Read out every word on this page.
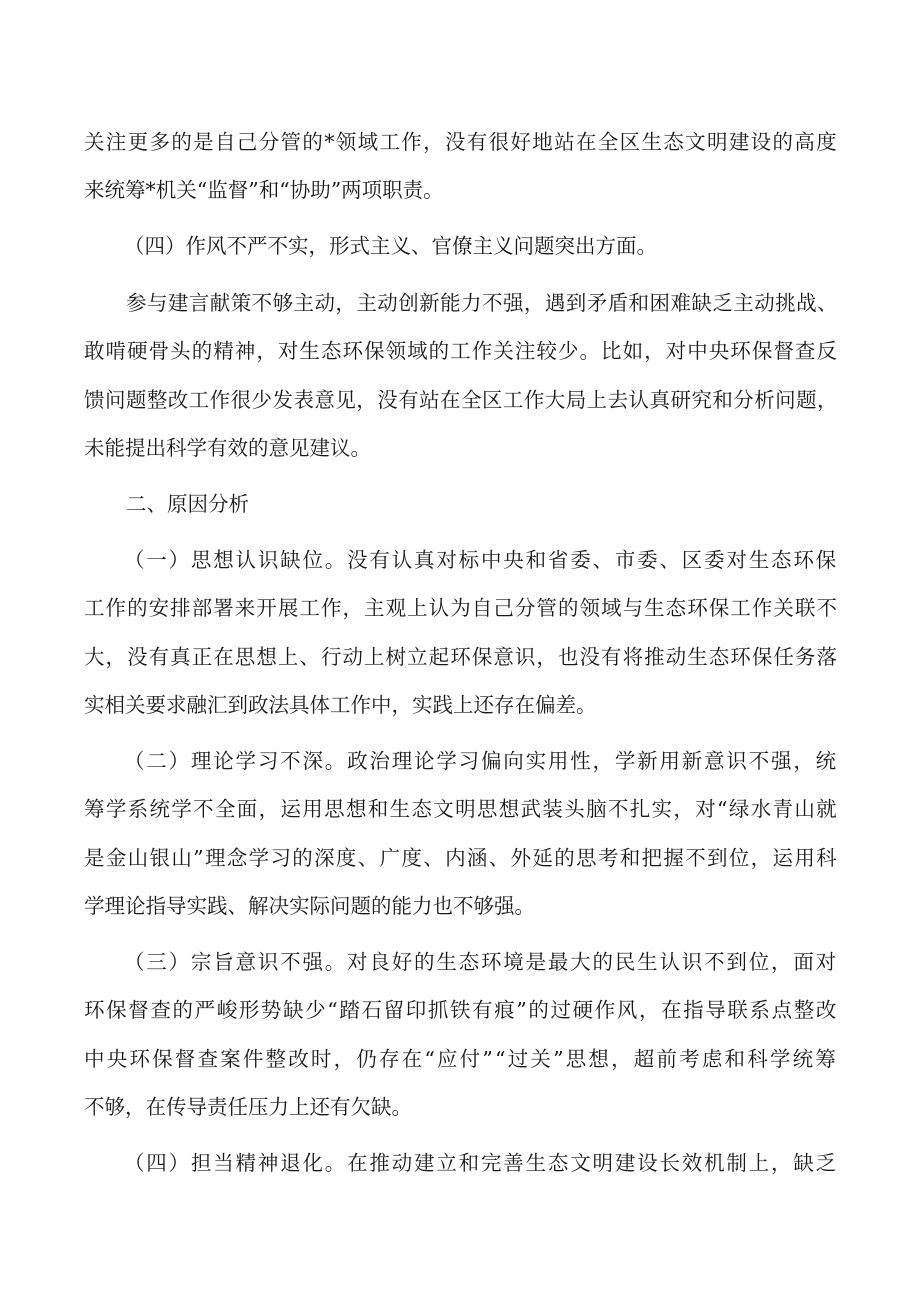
关注更多的是自己分管的*领域工作，没有很好地站在全区生态文明建设的高度
来统筹*机关“监督”和“协助”两项职责。
（四）作风不严不实，形式主义、官僚主义问题突出方面。
参与建言献策不够主动，主动创新能力不强，遇到矛盾和困难缺乏主动挑战、
敢啃硬骨头的精神，对生态环保领域的工作关注较少。比如，对中央环保督查反
馈问题整改工作很少发表意见，没有站在全区工作大局上去认真研究和分析问题，
未能提出科学有效的意见建议。
二、原因分析
（一）思想认识缺位。没有认真对标中央和省委、市委、区委对生态环保
工作的安排部署来开展工作，主观上认为自己分管的领域与生态环保工作关联不
大，没有真正在思想上、行动上树立起环保意识，也没有将推动生态环保任务落
实相关要求融汇到政法具体工作中，实践上还存在偏差。
（二）理论学习不深。政治理论学习偏向实用性，学新用新意识不强，统
筹学系统学不全面，运用思想和生态文明思想武装头脑不扎实，对“绿水青山就
是金山银山”理念学习的深度、广度、内涵、外延的思考和把握不到位，运用科
学理论指导实践、解决实际问题的能力也不够强。
（三）宗旨意识不强。对良好的生态环境是最大的民生认识不到位，面对
环保督查的严峻形势缺少“踏石留印抓铁有痕”的过硬作风，在指导联系点整改
中央环保督查案件整改时，仍存在“应付”“过关”思想，超前考虑和科学统筹
不够，在传导责任压力上还有欠缺。
（四）担当精神退化。在推动建立和完善生态文明建设长效机制上，缺乏
